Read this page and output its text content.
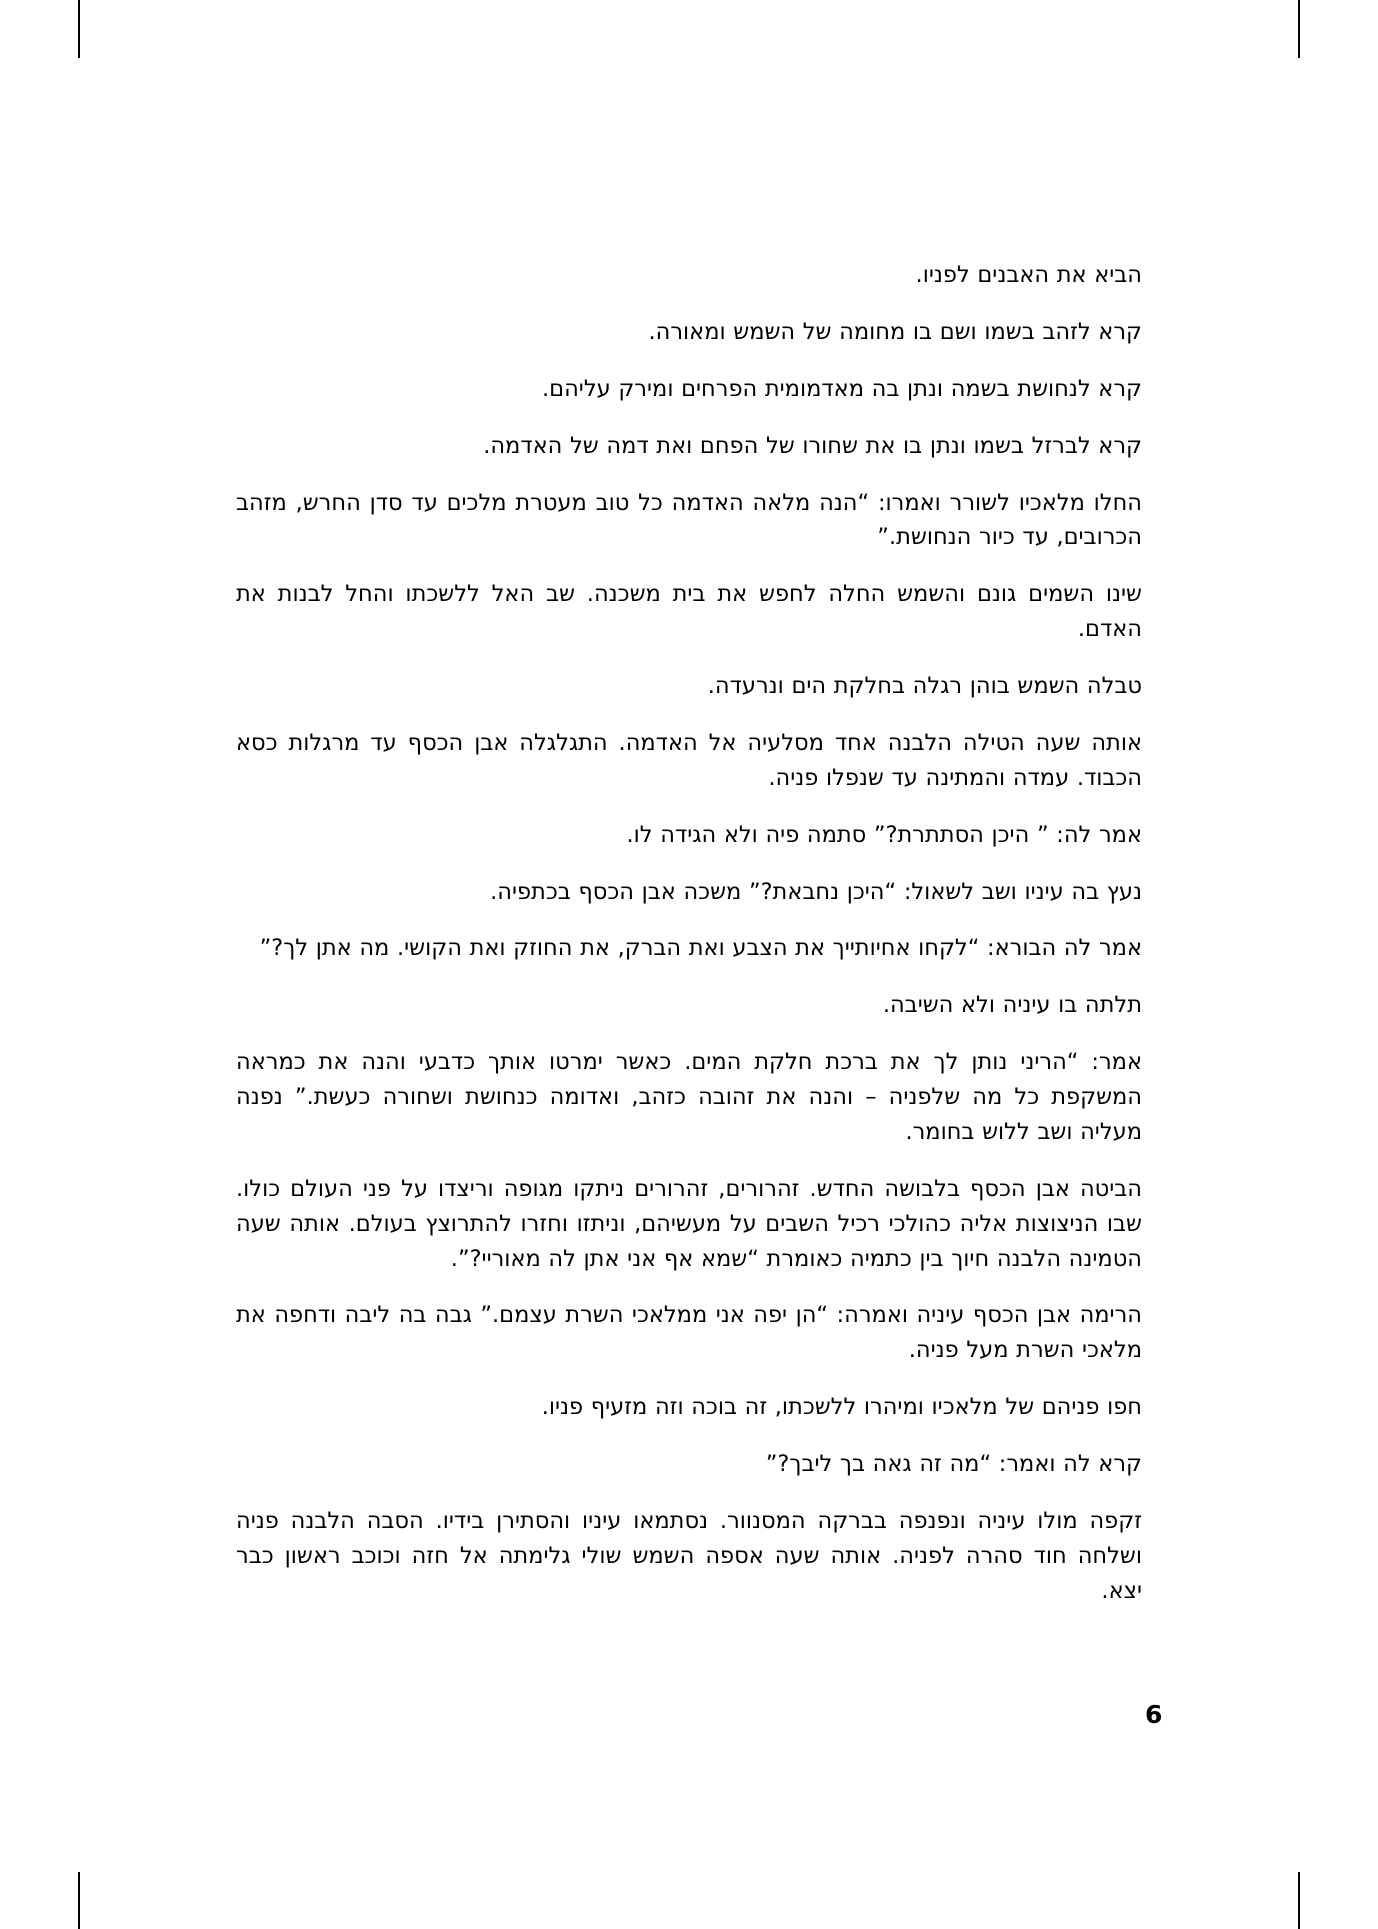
הביא את האבנים לפניו.

קרא לזהב בשמו ושם בו מחומה של השמש ומאורה.

קרא לנחושת בשמה ונתן בה מאדמומית הפרחים ומירק עליהם.

קרא לברזל בשמו ונתן בו את שחורו של הפחם ואת דמה של האדמה.

החלו מלאכיו לשורר ואמרו: “הנה מלאה האדמה כל טוב מעטרת מלכים עד סדן החרש, מזהב הכרובים, עד כיור הנחושת.”

שינו השמים גונם והשמש החלה לחפש את בית משכנה. שב האל ללשכתו והחל לבנות את האדם.

טבלה השמש בוהן רגלה בחלקת הים ונרעדה.

אותה שעה הטילה הלבנה אחד מסלעיה אל האדמה. התגלגלה אבן הכסף עד מרגלות כסא הכבוד. עמדה והמתינה עד שנפלו פניה.

אמר לה: ” היכן הסתתרת?” סתמה פיה ולא הגידה לו.

נעץ בה עיניו ושב לשאול: “היכן נחבאת?” משכה אבן הכסף בכתפיה.

אמר לה הבורא: “לקחו אחיותייך את הצבע ואת הברק, את החוזק ואת הקושי. מה אתן לך?”

תלתה בו עיניה ולא השיבה.

אמר: “הריני נותן לך את ברכת חלקת המים. כאשר ימרטו אותך כדבעי והנה את כמראה המשקפת כל מה שלפניה – והנה את זהובה כזהב, ואדומה כנחושת ושחורה כעשת.” נפנה מעליה ושב ללוש בחומר.

הביטה אבן הכסף בלבושה החדש. זהרורים, זהרורים ניתקו מגופה וריצדו על פני העולם כולו. שבו הניצוצות אליה כהולכי רכיל השבים על מעשיהם, וניתזו וחזרו להתרוצץ בעולם. אותה שעה הטמינה הלבנה חיוך בין כתמיה כאומרת “שמא אף אני אתן לה מאוריי?”.

הרימה אבן הכסף עיניה ואמרה: “הן יפה אני ממלאכי השרת עצמם.” גבה בה ליבה ודחפה את מלאכי השרת מעל פניה.

חפו פניהם של מלאכיו ומיהרו ללשכתו, זה בוכה וזה מזעיף פניו.

קרא לה ואמר: “מה זה גאה בך ליבך?”

זקפה מולו עיניה ונפנפה בברקה המסנוור. נסתמאו עיניו והסתירן בידיו. הסבה הלבנה פניה ושלחה חוד סהרה לפניה. אותה שעה אספה השמש שולי גלימתה אל חזה וכוכב ראשון כבר יצא.

6
